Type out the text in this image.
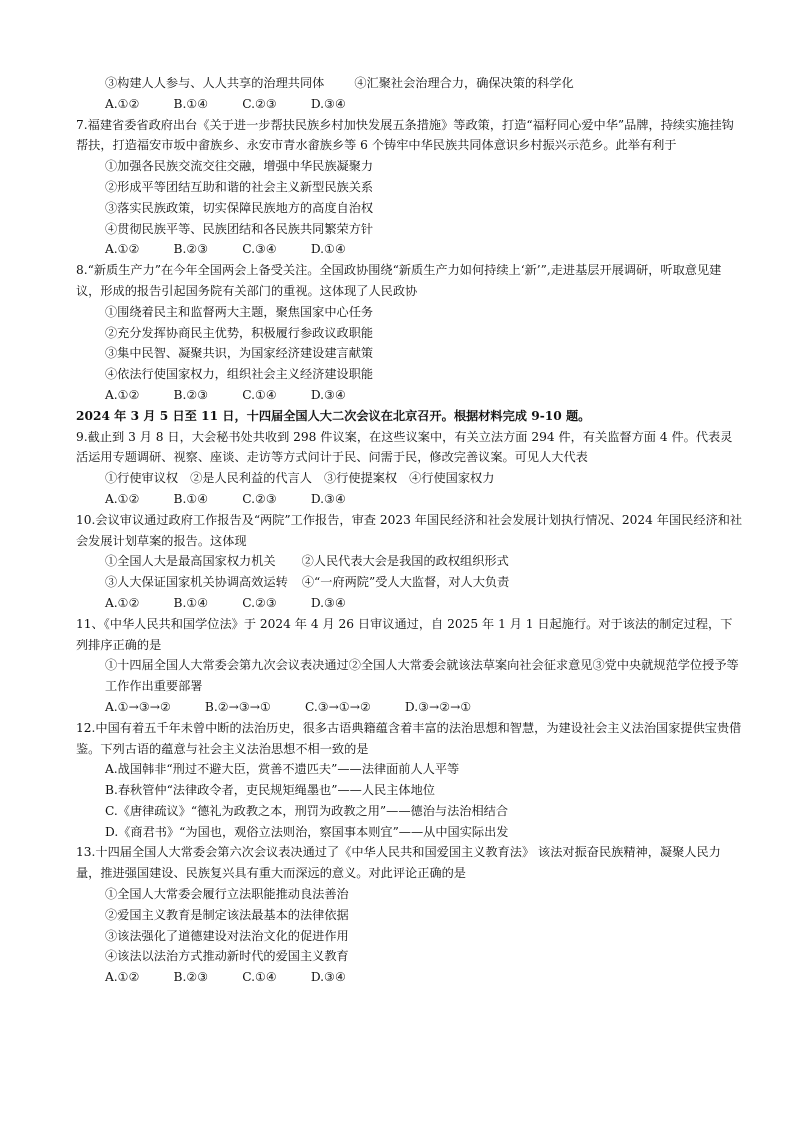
③构建人人参与、人人共享的治理共同体 ④汇聚社会治理合力，确保决策的科学化
A.①②	B.①④	C.②③	D.③④
7.福建省委省政府出台《关于进一步帮扶民族乡村加快发展五条措施》等政策，打造“福籽同心爱中华”品牌，持续实施挂钩帮扶，打造福安市坂中畲族乡、永安市青水畲族乡等 6 个铸牢中华民族共同体意识乡村振兴示范乡。此举有利于
①加强各民族交流交往交融，增强中华民族凝聚力
②形成平等团结互助和谐的社会主义新型民族关系
③落实民族政策，切实保障民族地方的高度自治权
④贯彻民族平等、民族团结和各民族共同繁荣方针
A.①②	B.②③	C.③④	D.①④
8.“新质生产力”在今年全国两会上备受关注。全国政协围绕“新质生产力如何持续上‘新’”,走进基层开展调研，听取意见建议，形成的报告引起国务院有关部门的重视。这体现了人民政协
①围绕着民主和监督两大主题，聚焦国家中心任务
②充分发挥协商民主优势，积极履行参政议政职能
③集中民智、凝聚共识，为国家经济建设建言献策
④依法行使国家权力，组织社会主义经济建设职能
A.①②	B.②③	C.①④	D.③④
2024 年 3 月 5 日至 11 日，十四届全国人大二次会议在北京召开。根据材料完成 9-10 题。
9.截止到 3 月 8 日，大会秘书处共收到 298 件议案，在这些议案中，有关立法方面 294 件，有关监督方面 4 件。代表灵活运用专题调研、视察、座谈、走访等方式问计于民、问需于民，修改完善议案。可见人大代表
①行使审议权 ②是人民利益的代言人 ③行使提案权 ④行使国家权力
A.①②	B.①④	C.②③	D.③④
10.会议审议通过政府工作报告及“两院”工作报告，审查 2023 年国民经济和社会发展计划执行情况、2024 年国民经济和社会发展计划草案的报告。这体现
①全国人大是最高国家权力机关 ②人民代表大会是我国的政权组织形式
③人大保证国家机关协调高效运转 ④“一府两院”受人大监督，对人大负责
A.①②	B.①④	C.②③	D.③④
11、《中华人民共和国学位法》于 2024 年 4 月 26 日审议通过，自 2025 年 1 月 1 日起施行。对于该法的制定过程，下列排序正确的是
①十四届全国人大常委会第九次会议表决通过②全国人大常委会就该法草案向社会征求意见③党中央就规范学位授予等工作作出重要部署
A.①→③→②	B.②→③→①	C.③→①→②	D.③→②→①
12.中国有着五千年未曾中断的法治历史，很多古语典籍蕴含着丰富的法治思想和智慧，为建设社会主义法治国家提供宝贵借鉴。下列古语的蕴意与社会主义法治思想不相一致的是
A.战国韩非“刑过不避大臣，赏善不遗匹夫”——法律面前人人平等
B.春秋管仲“法律政令者，吏民规矩绳墨也”——人民主体地位
C.《唐律疏议》“德礼为政教之本，刑罚为政教之用”——德治与法治相结合
D.《商君书》“为国也，观俗立法则治，察国事本则宜”——从中国实际出发
13.十四届全国人大常委会第六次会议表决通过了《中华人民共和国爱国主义教育法》 该法对振奋民族精神，凝聚人民力量，推进强国建设、民族复兴具有重大而深远的意义。对此评论正确的是
①全国人大常委会履行立法职能推动良法善治
②爱国主义教育是制定该法最基本的法律依据
③该法强化了道德建设对法治文化的促进作用
④该法以法治方式推动新时代的爱国主义教育
A.①②	B.②③	C.①④	D.③④
